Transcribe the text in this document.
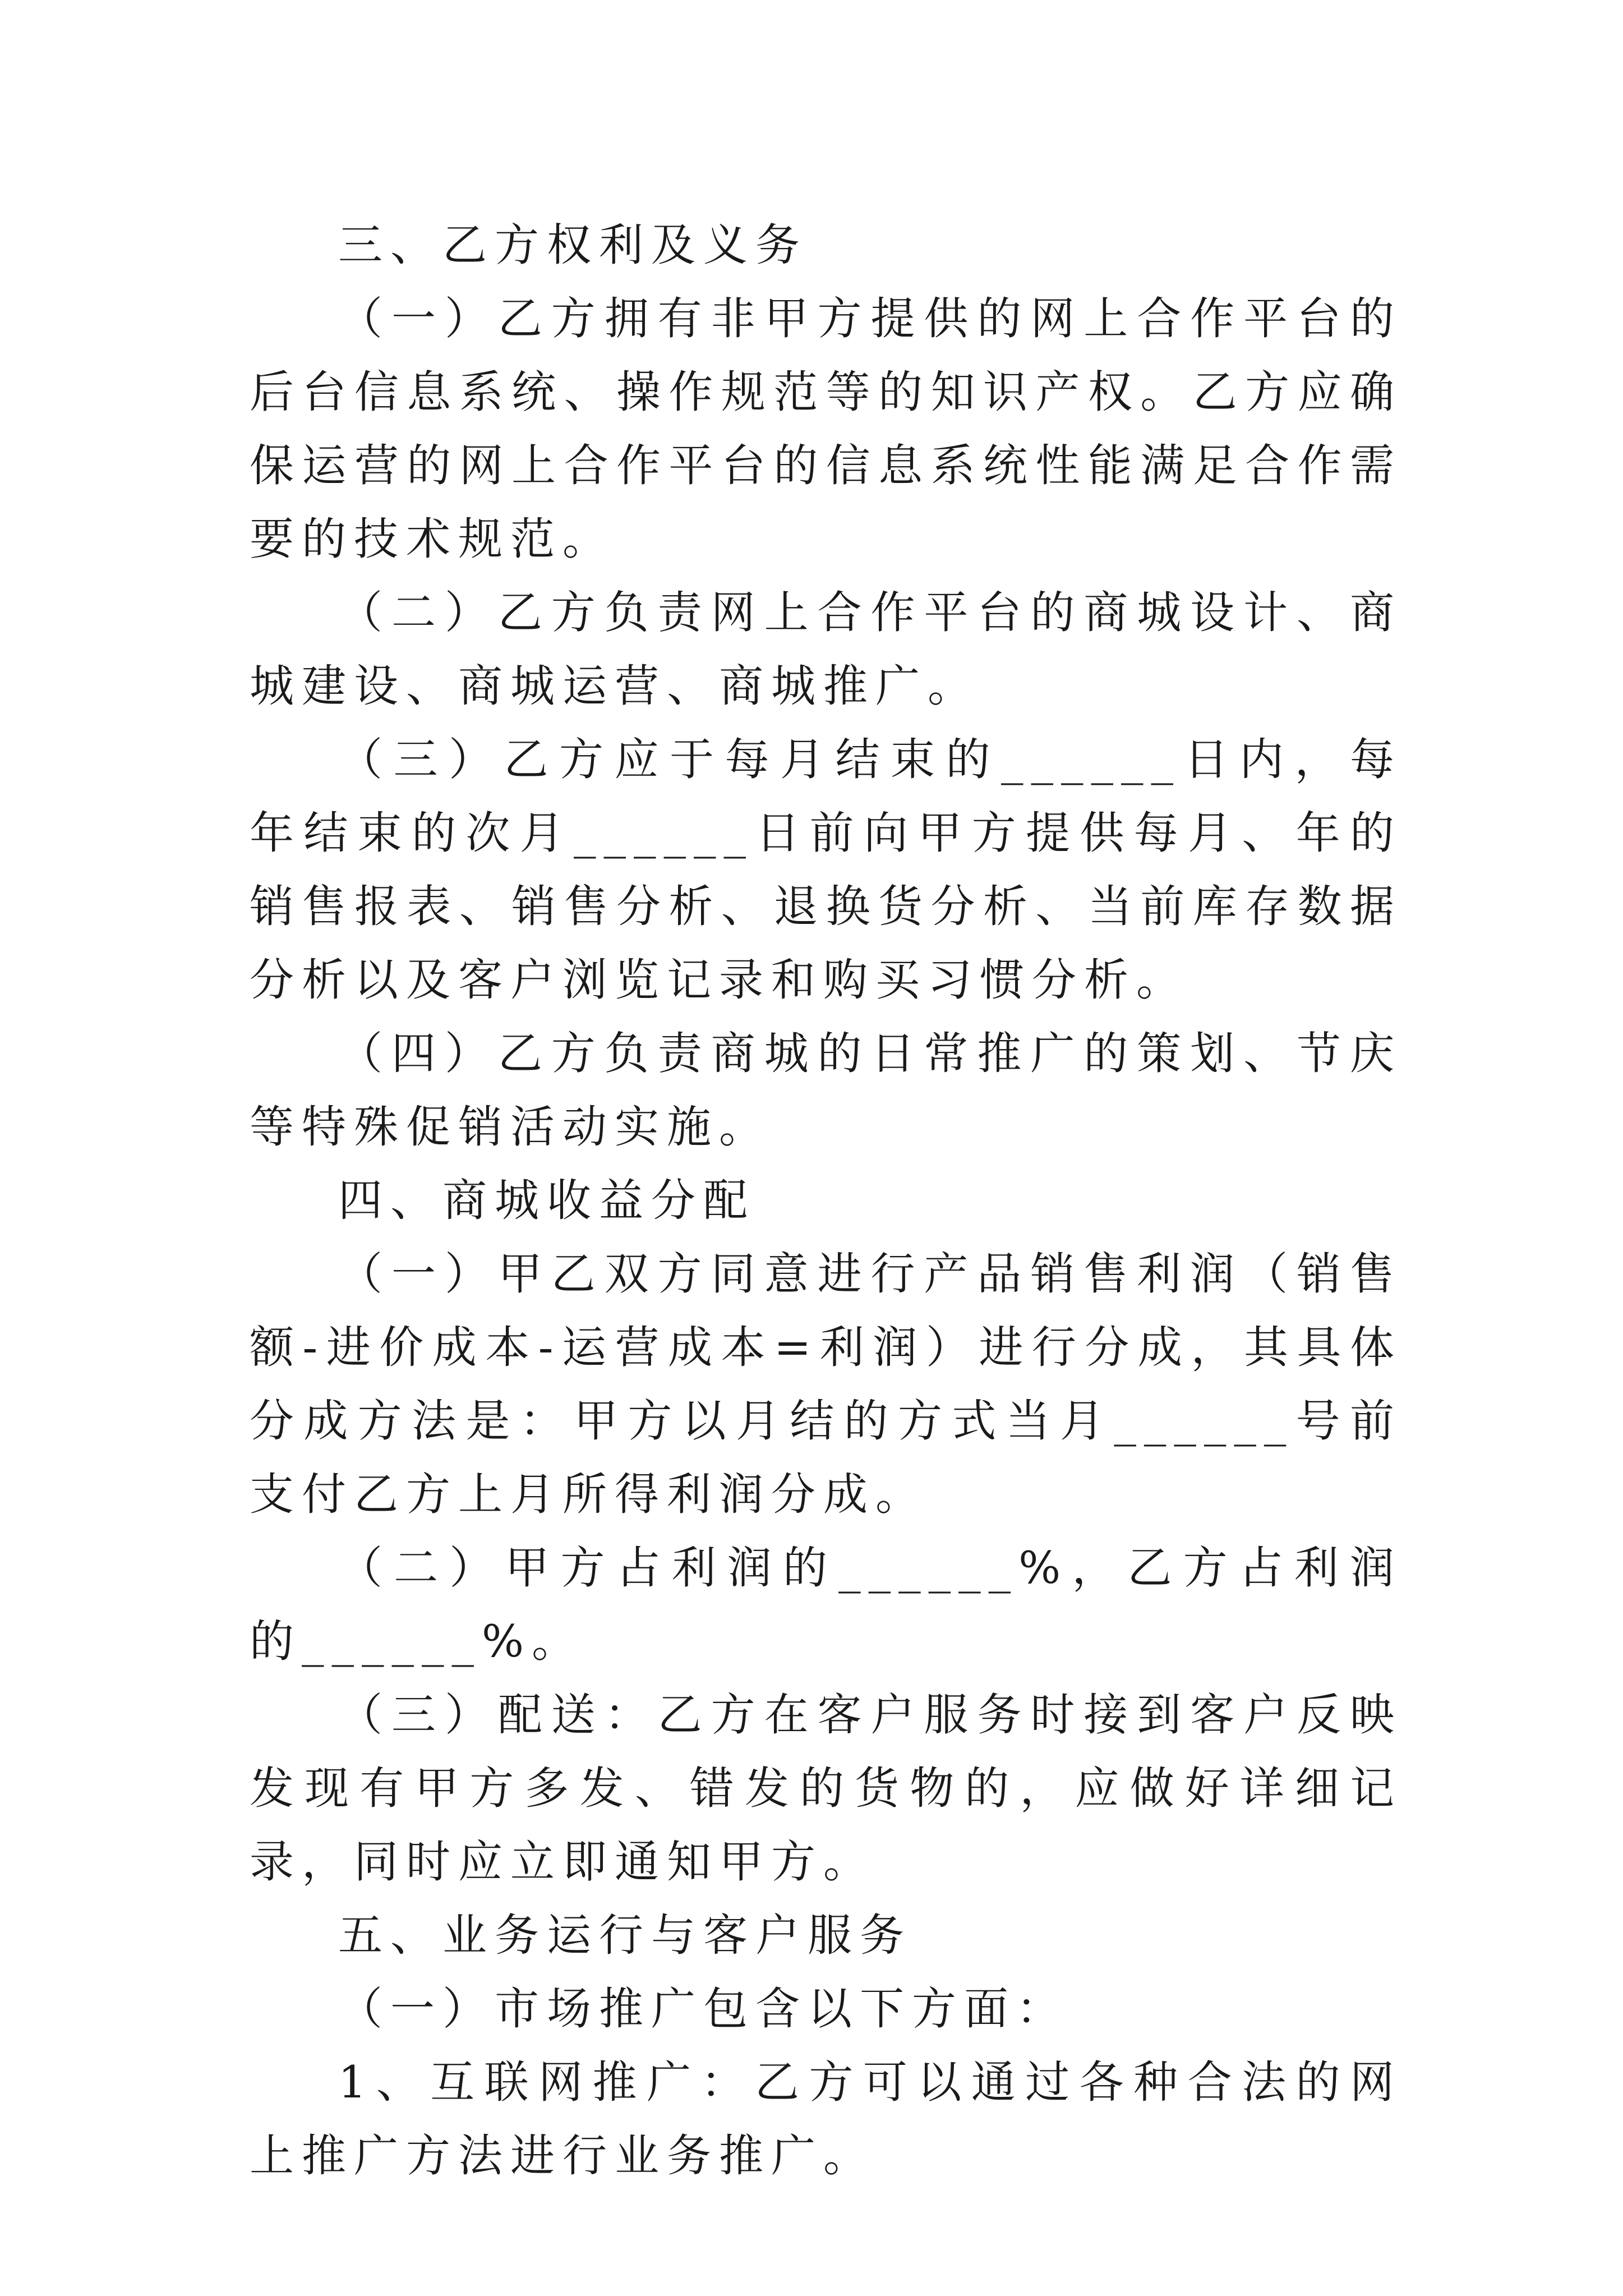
三、乙方权利及义务

（一）乙方拥有非甲方提供的网上合作平台的后台信息系统、操作规范等的知识产权。乙方应确保运营的网上合作平台的信息系统性能满足合作需要的技术规范。

（二）乙方负责网上合作平台的商城设计、商城建设、商城运营、商城推广。

（三）乙方应于每月结束的______日内，每年结束的次月______日前向甲方提供每月、年的销售报表、销售分析、退换货分析、当前库存数据分析以及客户浏览记录和购买习惯分析。

（四）乙方负责商城的日常推广的策划、节庆等特殊促销活动实施。

四、商城收益分配

（一）甲乙双方同意进行产品销售利润（销售额-进价成本-运营成本=利润）进行分成，其具体分成方法是：甲方以月结的方式当月______号前支付乙方上月所得利润分成。

（二）甲方占利润的______%，乙方占利润的______%。

（三）配送：乙方在客户服务时接到客户反映发现有甲方多发、错发的货物的，应做好详细记录，同时应立即通知甲方。

五、业务运行与客户服务

（一）市场推广包含以下方面：

1、互联网推广：乙方可以通过各种合法的网上推广方法进行业务推广。
